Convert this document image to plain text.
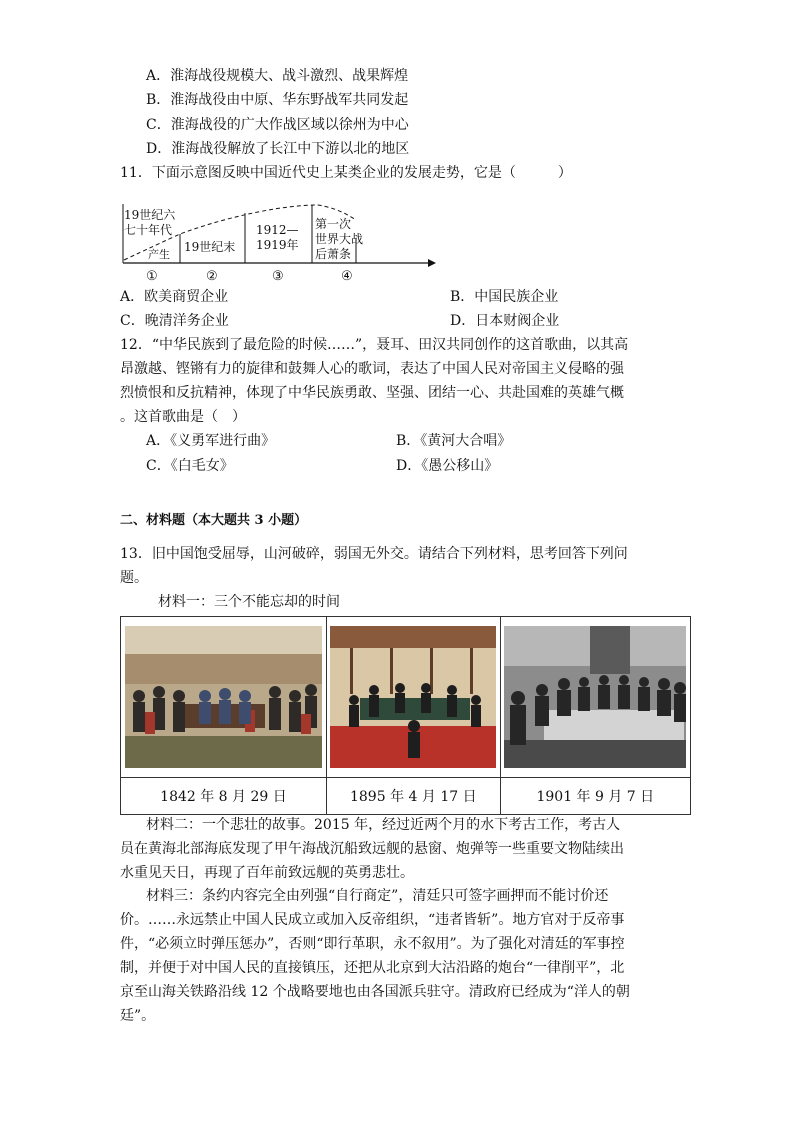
A．淮海战役规模大、战斗激烈、战果辉煌
B．淮海战役由中原、华东野战军共同发起
C．淮海战役的广大作战区域以徐州为中心
D．淮海战役解放了长江中下游以北的地区
11．下面示意图反映中国近代史上某类企业的发展走势，它是（　　　）
19世纪六
七十年代
产生
19世纪末
1912—
1919年
第一次
世界大战
后萧条
①	②	③	④
A．欧美商贸企业	B．中国民族企业
C．晚清洋务企业	D．日本财阀企业
12．“中华民族到了最危险的时候……”，聂耳、田汉共同创作的这首歌曲，以其高
昂激越、铿锵有力的旋律和鼓舞人心的歌词，表达了中国人民对帝国主义侵略的强
烈愤恨和反抗精神，体现了中华民族勇敢、坚强、团结一心、共赴国难的英雄气概
。这首歌曲是（　）
A．《义勇军进行曲》	B．《黄河大合唱》
C．《白毛女》	D．《愚公移山》
二、材料题（本大题共 3 小题）
13．旧中国饱受屈辱，山河破碎，弱国无外交。请结合下列材料，思考回答下列问
题。
材料一：三个不能忘却的时间

1842 年 8 月 29 日	1895 年 4 月 17 日	1901 年 9 月 7 日
材料二：一个悲壮的故事。2015 年，经过近两个月的水下考古工作，考古人
员在黄海北部海底发现了甲午海战沉船致远舰的悬窗、炮弹等一些重要文物陆续出
水重见天日，再现了百年前致远舰的英勇悲壮。
材料三：条约内容完全由列强“自行商定”，清廷只可签字画押而不能讨价还
价。……永远禁止中国人民成立或加入反帝组织，“违者皆斩”。地方官对于反帝事
件，“必须立时弹压惩办”，否则“即行革职，永不叙用”。为了强化对清廷的军事控
制，并便于对中国人民的直接镇压，还把从北京到大沽沿路的炮台“一律削平”，北
京至山海关铁路沿线 12 个战略要地也由各国派兵驻守。清政府已经成为“洋人的朝
廷”。
